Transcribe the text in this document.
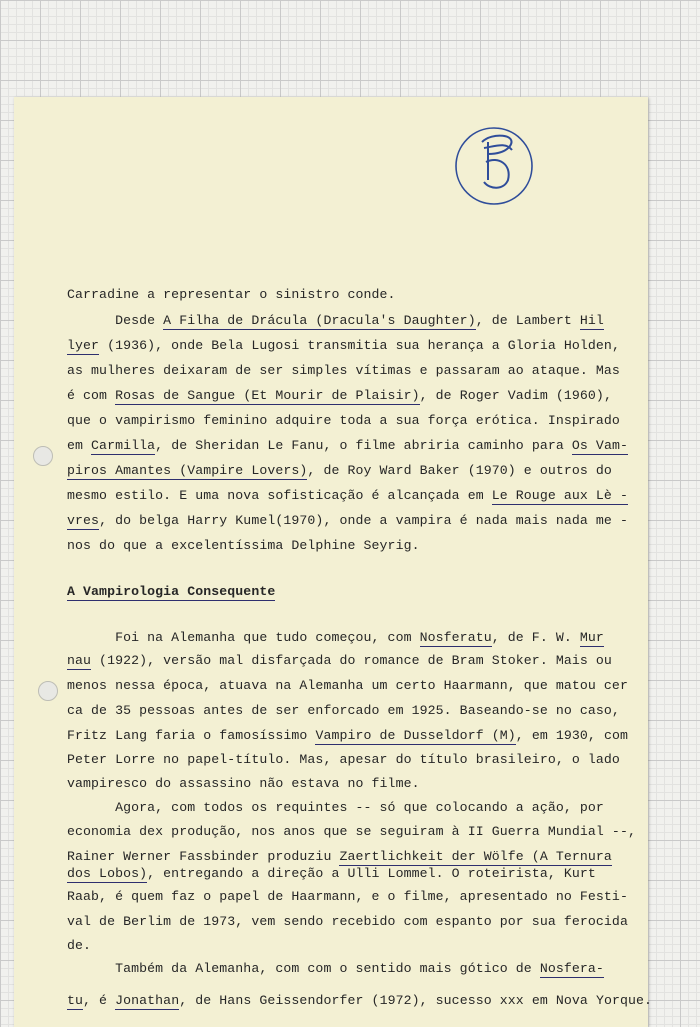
Carradine a representar o sinistro conde.
Desde A Filha de Drácula (Dracula's Daughter), de Lambert Hil
lyer (1936), onde Bela Lugosi transmitia sua herança a Gloria Holden,
as mulheres deixaram de ser simples vítimas e passaram ao ataque. Mas
é com Rosas de Sangue (Et Mourir de Plaisir), de Roger Vadim (1960),
que o vampirismo feminino adquire toda a sua força erótica. Inspirado
em Carmilla, de Sheridan Le Fanu, o filme abriria caminho para Os Vam-
piros Amantes (Vampire Lovers), de Roy Ward Baker (1970) e outros do
mesmo estilo. E uma nova sofisticação é alcançada em Le Rouge aux Lè -
vres, do belga Harry Kumel(1970), onde a vampira é nada mais nada me -
nos do que a excelentíssima Delphine Seyrig.
A Vampirologia Consequente
Foi na Alemanha que tudo começou, com Nosferatu, de F. W. Mur
nau (1922), versão mal disfarçada do romance de Bram Stoker. Mais ou
menos nessa época, atuava na Alemanha um certo Haarmann, que matou cer
ca de 35 pessoas antes de ser enforcado em 1925. Baseando-se no caso,
Fritz Lang faria o famosíssimo Vampiro de Dusseldorf (M), em 1930, com
Peter Lorre no papel-título. Mas, apesar do título brasileiro, o lado
vampiresco do assassino não estava no filme.
Agora, com todos os requintes -- só que colocando a ação, por
economia dex produção, nos anos que se seguiram à II Guerra Mundial --,
Rainer Werner Fassbinder produziu Zaertlichkeit der Wölfe (A Ternura
dos Lobos), entregando a direção a Ulli Lommel. O roteirista, Kurt
Raab, é quem faz o papel de Haarmann, e o filme, apresentado no Festi-
val de Berlim de 1973, vem sendo recebido com espanto por sua ferocida
de.
Também da Alemanha, com com o sentido mais gótico de Nosfera-
tu, é Jonathan, de Hans Geissendorfer (1972), sucesso xxx em Nova Yorque.
